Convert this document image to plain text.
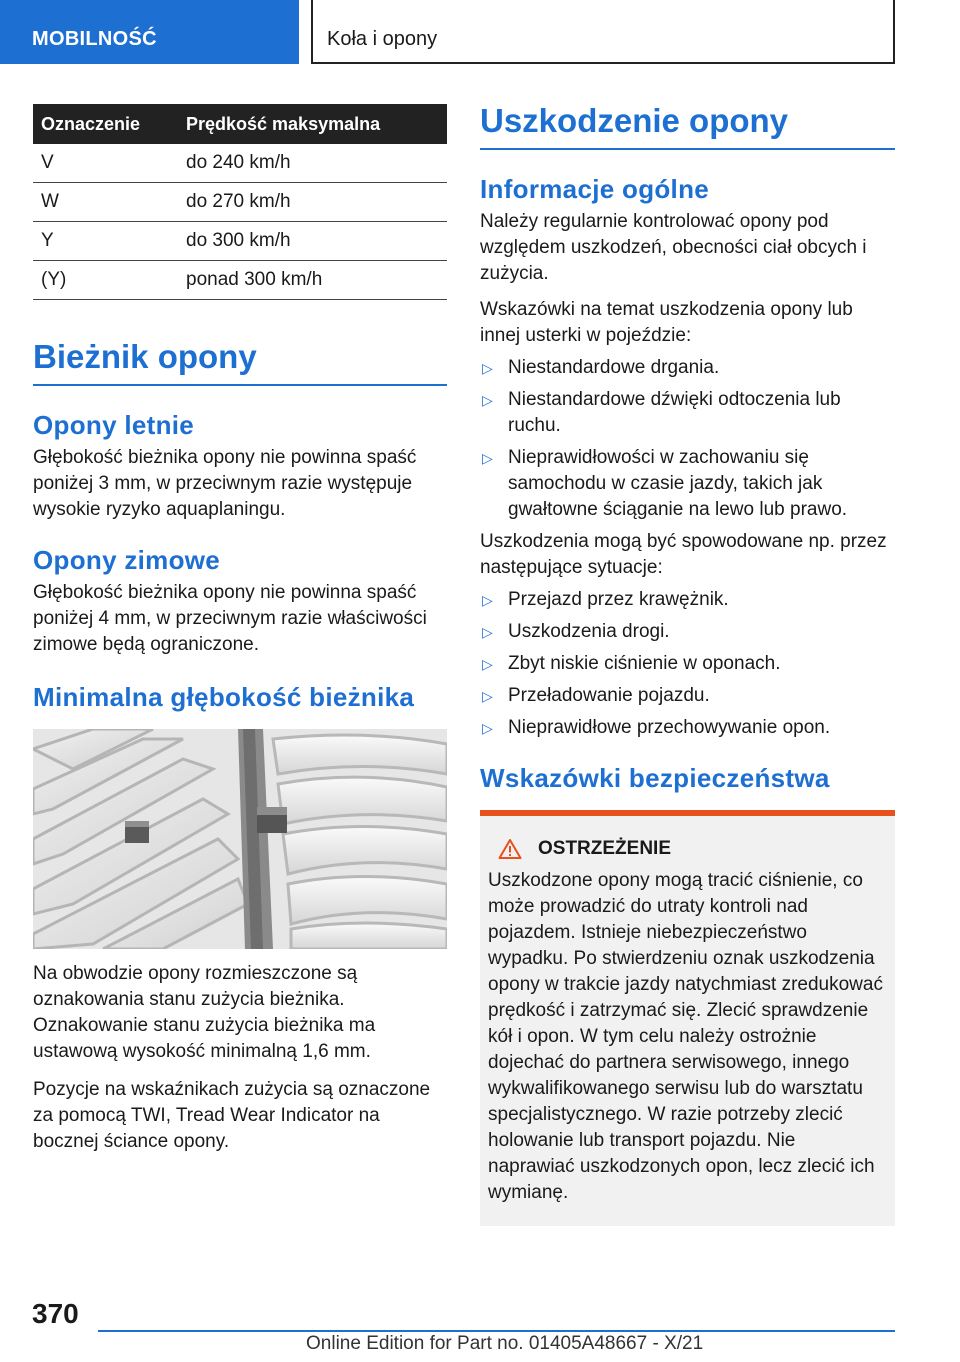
MOBILNOŚĆ	Koła i opony
Oznaczenie	Prędkość maksymalna
V	do 240 km/h
W	do 270 km/h
Y	do 300 km/h
(Y)	ponad 300 km/h
Bieżnik opony
Opony letnie

Głębokość bieżnika opony nie powinna spaść poniżej 3 mm, w przeciwnym razie występuje wysokie ryzyko aquaplaningu.

Opony zimowe

Głębokość bieżnika opony nie powinna spaść poniżej 4 mm, w przeciwnym razie właściwości zimowe będą ograniczone.

Minimalna głębokość bieżnika

Na obwodzie opony rozmieszczone są oznakowania stanu zużycia bieżnika. Oznakowanie stanu zużycia bieżnika ma ustawową wysokość minimalną 1,6 mm.

Pozycje na wskaźnikach zużycia są oznaczone za pomocą TWI, Tread Wear Indicator na bocznej ściance opony.

Uszkodzenie opony
Informacje ogólne

Należy regularnie kontrolować opony pod względem uszkodzeń, obecności ciał obcych i zużycia.

Wskazówki na temat uszkodzenia opony lub innej usterki w pojeździe:

▷ Niestandardowe drgania.
▷ Niestandardowe dźwięki odtoczenia lub ruchu.
▷ Nieprawidłowości w zachowaniu się samochodu w czasie jazdy, takich jak gwałtowne ściąganie na lewo lub prawo.

Uszkodzenia mogą być spowodowane np. przez następujące sytuacje:

▷ Przejazd przez krawężnik.
▷ Uszkodzenia drogi.
▷ Zbyt niskie ciśnienie w oponach.
▷ Przeładowanie pojazdu.
▷ Nieprawidłowe przechowywanie opon.
Wskazówki bezpieczeństwa
OSTRZEŻENIE

Uszkodzone opony mogą tracić ciśnienie, co może prowadzić do utraty kontroli nad pojazdem. Istnieje niebezpieczeństwo wypadku. Po stwierdzeniu oznak uszkodzenia opony w trakcie jazdy natychmiast zredukować prędkość i zatrzymać się. Zlecić sprawdzenie kół i opon. W tym celu należy ostrożnie dojechać do partnera serwisowego, innego wykwalifikowanego serwisu lub do warsztatu specjalistycznego. W razie potrzeby zlecić holowanie lub transport pojazdu. Nie naprawiać uszkodzonych opon, lecz zlecić ich wymianę.

370
Online Edition for Part no. 01405A48667 - X/21
